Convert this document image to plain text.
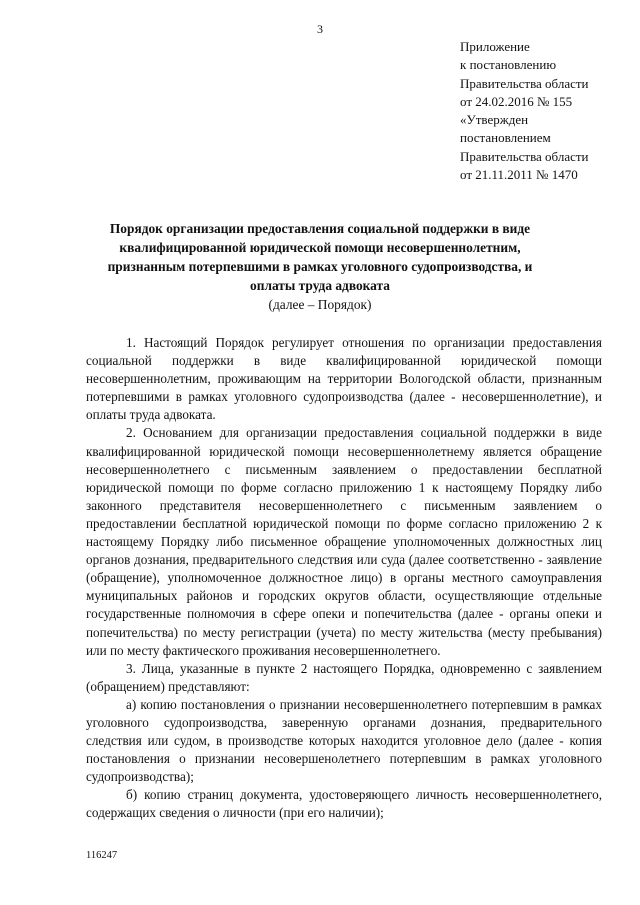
3
Приложение
к постановлению
Правительства области
от 24.02.2016 № 155
«Утвержден
постановлением
Правительства области
от 21.11.2011 № 1470
Порядок организации предоставления социальной поддержки в виде
квалифицированной юридической помощи несовершеннолетним,
признанным потерпевшими в рамках уголовного судопроизводства, и
оплаты труда адвоката
(далее – Порядок)

1. Настоящий Порядок регулирует отношения по организации предоставления социальной поддержки в виде квалифицированной юридической помощи несовершеннолетним, проживающим на территории Вологодской области, признанным потерпевшими в рамках уголовного судопроизводства (далее - несовершеннолетние), и оплаты труда адвоката.

2. Основанием для организации предоставления социальной поддержки в виде квалифицированной юридической помощи несовершеннолетнему является обращение несовершеннолетнего с письменным заявлением о предоставлении бесплатной юридической помощи по форме согласно приложению 1 к настоящему Порядку либо законного представителя несовершеннолетнего с письменным заявлением о предоставлении бесплатной юридической помощи по форме согласно приложению 2 к настоящему Порядку либо письменное обращение уполномоченных должностных лиц органов дознания, предварительного следствия или суда (далее соответственно - заявление (обращение), уполномоченное должностное лицо) в органы местного самоуправления муниципальных районов и городских округов области, осуществляющие отдельные государственные полномочия в сфере опеки и попечительства (далее - органы опеки и попечительства) по месту регистрации (учета) по месту жительства (месту пребывания) или по месту фактического проживания несовершеннолетнего.

3. Лица, указанные в пункте 2 настоящего Порядка, одновременно с заявлением (обращением) представляют:

а) копию постановления о признании несовершеннолетнего потерпевшим в рамках уголовного судопроизводства, заверенную органами дознания, предварительного следствия или судом, в производстве которых находится уголовное дело (далее - копия постановления о признании несовершенолетнего потерпевшим в рамках уголовного судопроизводства);

б) копию страниц документа, удостоверяющего личность несовершеннолетнего, содержащих сведения о личности (при его наличии);

116247
